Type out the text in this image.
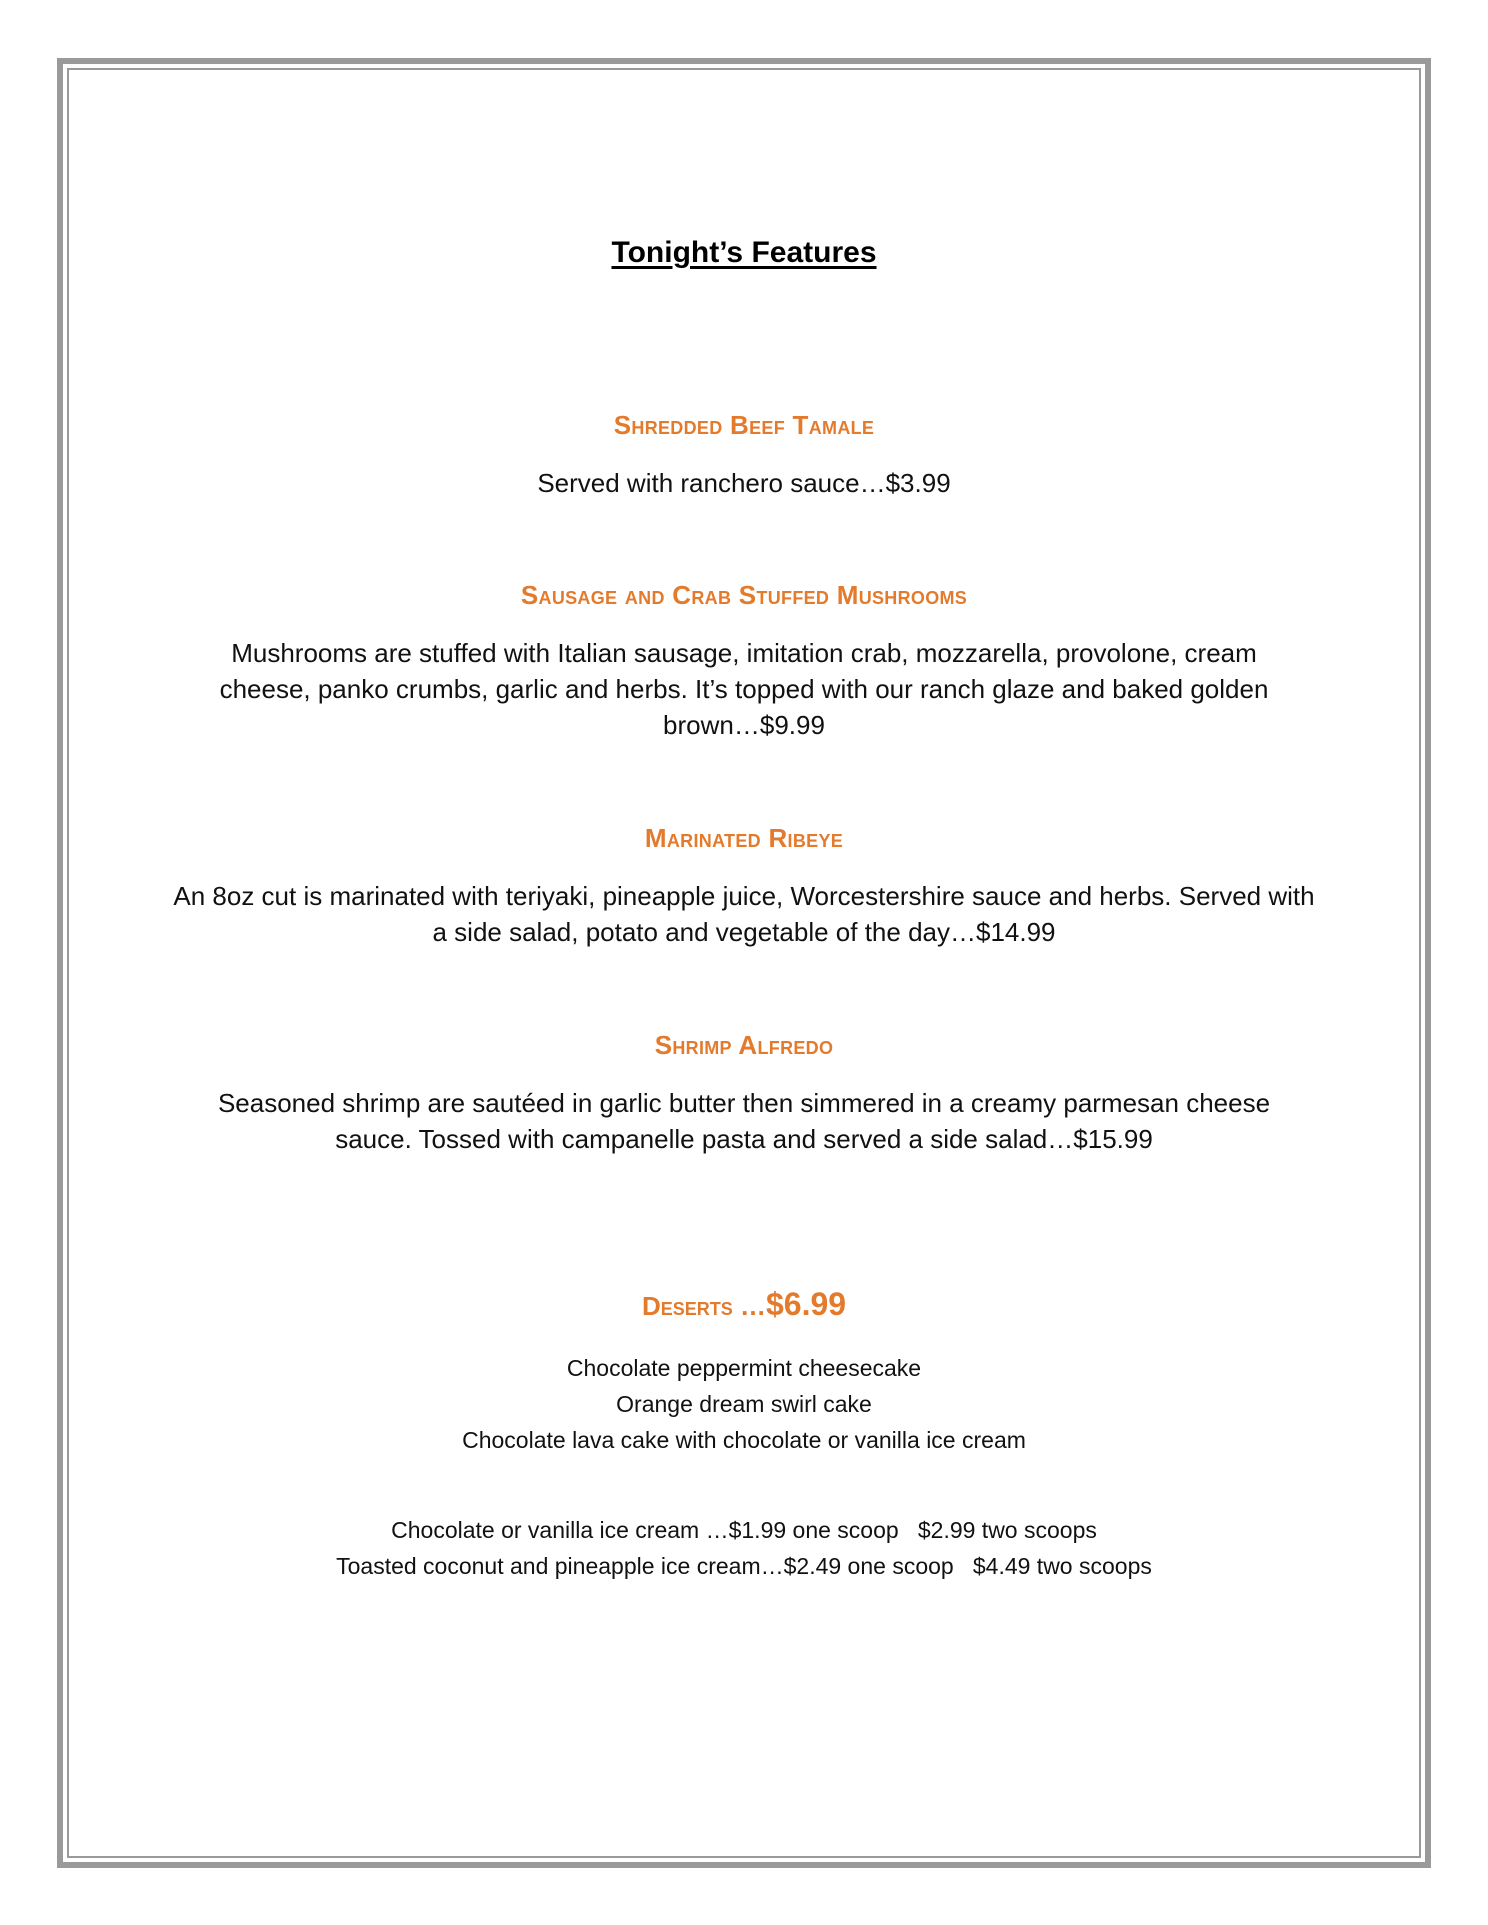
Tonight’s Features
Shredded Beef Tamale
Served with ranchero sauce…$3.99
Sausage and Crab Stuffed Mushrooms
Mushrooms are stuffed with Italian sausage, imitation crab, mozzarella, provolone, cream cheese, panko crumbs, garlic and herbs. It’s topped with our ranch glaze and baked golden brown…$9.99
Marinated Ribeye
An 8oz cut is marinated with teriyaki, pineapple juice, Worcestershire sauce and herbs. Served with a side salad, potato and vegetable of the day…$14.99
Shrimp Alfredo
Seasoned shrimp are sautéed in garlic butter then simmered in a creamy parmesan cheese sauce. Tossed with campanelle pasta and served a side salad…$15.99
Deserts …$6.99
Chocolate peppermint cheesecake
Orange dream swirl cake
Chocolate lava cake with chocolate or vanilla ice cream
Chocolate or vanilla ice cream …$1.99 one scoop   $2.99 two scoops
Toasted coconut and pineapple ice cream…$2.49 one scoop   $4.49 two scoops
